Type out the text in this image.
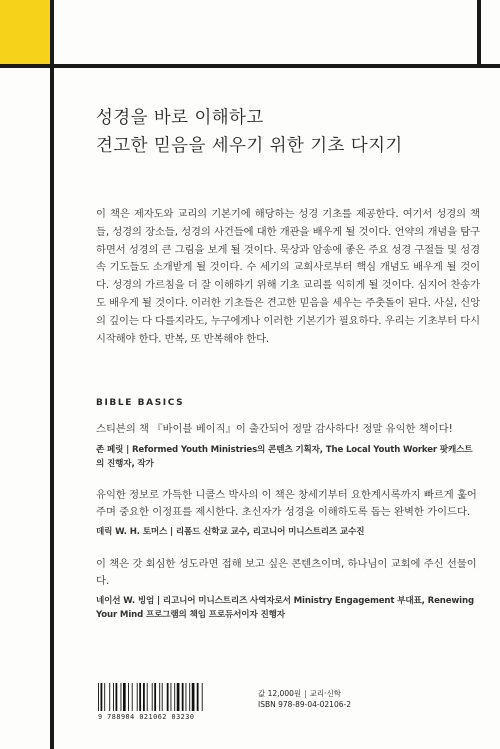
성경을 바로 이해하고
견고한 믿음을 세우기 위한 기초 다지기

이 책은 제자도와 교리의 기본기에 해당하는 성경 기초를 제공한다. 여기서 성경의 책들, 성경의 장소들, 성경의 사건들에 대한 개관을 배우게 될 것이다. 언약의 개념을 탐구하면서 성경의 큰 그림을 보게 될 것이다. 묵상과 암송에 좋은 주요 성경 구절들 및 성경 속 기도들도 소개받게 될 것이다. 수 세기의 교회사로부터 핵심 개념도 배우게 될 것이다. 성경의 가르침을 더 잘 이해하기 위해 기초 교리를 익히게 될 것이다. 심지어 찬송가도 배우게 될 것이다. 이러한 기초들은 견고한 믿음을 세우는 주춧돌이 된다. 사실, 신앙의 깊이는 다 다를지라도, 누구에게나 이러한 기본기가 필요하다. 우리는 기초부터 다시 시작해야 한다. 반복, 또 반복해야 한다.

BIBLE BASICS
스티븐의 책 『바이블 베이직』이 출간되어 정말 감사하다! 정말 유익한 책이다!
존 페릿 | Reformed Youth Ministries의 콘텐츠 기획자, The Local Youth Worker 팟캐스트의 진행자, 작가
유익한 정보로 가득한 니콜스 박사의 이 책은 창세기부터 요한계시록까지 빠르게 훑어 주며 중요한 이정표를 제시한다. 초신자가 성경을 이해하도록 돕는 완벽한 가이드다.
데릭 W. H. 토머스 | 리폼드 신학교 교수, 리고니어 미니스트리즈 교수진
이 책은 갓 회심한 성도라면 접해 보고 싶은 콘텐츠이며, 하나님이 교회에 주신 선물이다.
네이선 W. 빙엄 | 리고니어 미니스트리즈 사역자로서 Ministry Engagement 부대표, Renewing Your Mind 프로그램의 책임 프로듀서이자 진행자
9 788904 021062 03230
값 12,000원 | 교리·신학
ISBN 978-89-04-02106-2
